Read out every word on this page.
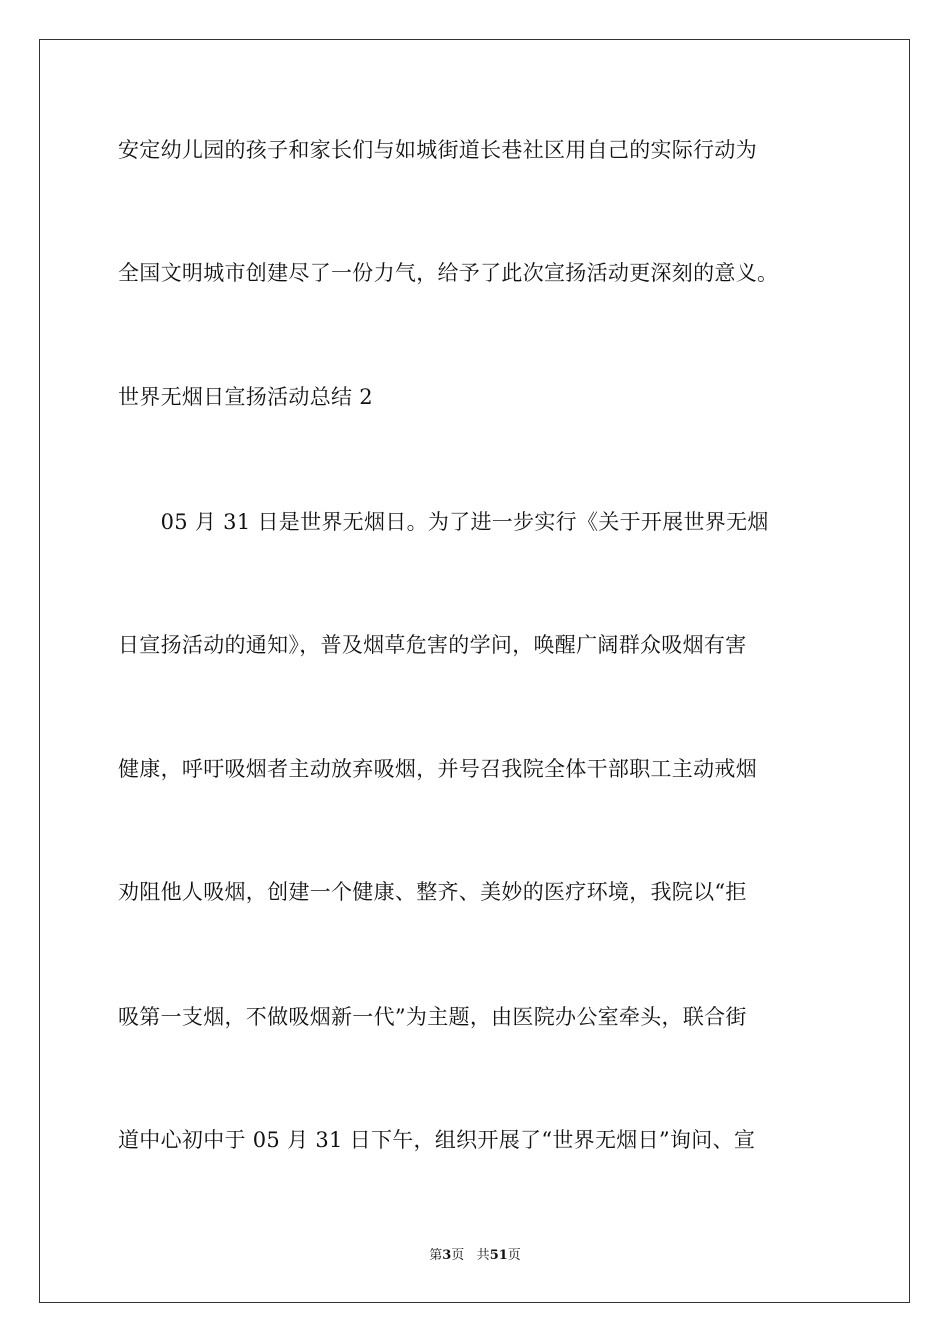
安定幼儿园的孩子和家长们与如城街道长巷社区用自己的实际行动为
全国文明城市创建尽了一份力气，给予了此次宣扬活动更深刻的意义。
世界无烟日宣扬活动总结 2
　　05 月 31 日是世界无烟日。为了进一步实行《关于开展世界无烟
日宣扬活动的通知》，普及烟草危害的学问，唤醒广阔群众吸烟有害
健康，呼吁吸烟者主动放弃吸烟，并号召我院全体干部职工主动戒烟
劝阻他人吸烟，创建一个健康、整齐、美妙的医疗环境，我院以“拒
吸第一支烟，不做吸烟新一代”为主题，由医院办公室牵头，联合街
道中心初中于 05 月 31 日下午，组织开展了“世界无烟日”询问、宣
第3页 共51页
